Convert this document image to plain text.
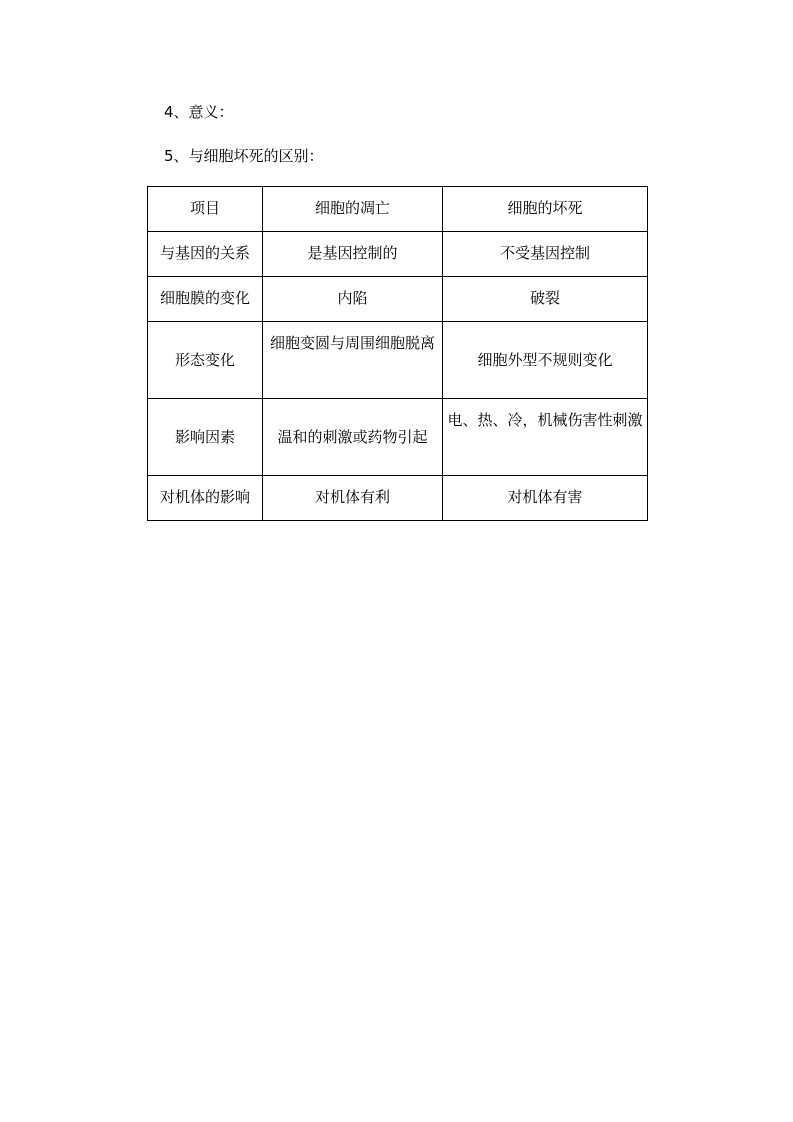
4、意义：

5、与细胞坏死的区别：

项目	细胞的凋亡	细胞的坏死
与基因的关系	是基因控制的	不受基因控制
细胞膜的变化	内陷	破裂
形态变化	细胞变圆与周围细胞脱离	细胞外型不规则变化
影响因素	温和的刺激或药物引起	电、热、冷，机械伤害性刺激
对机体的影响	对机体有利	对机体有害
